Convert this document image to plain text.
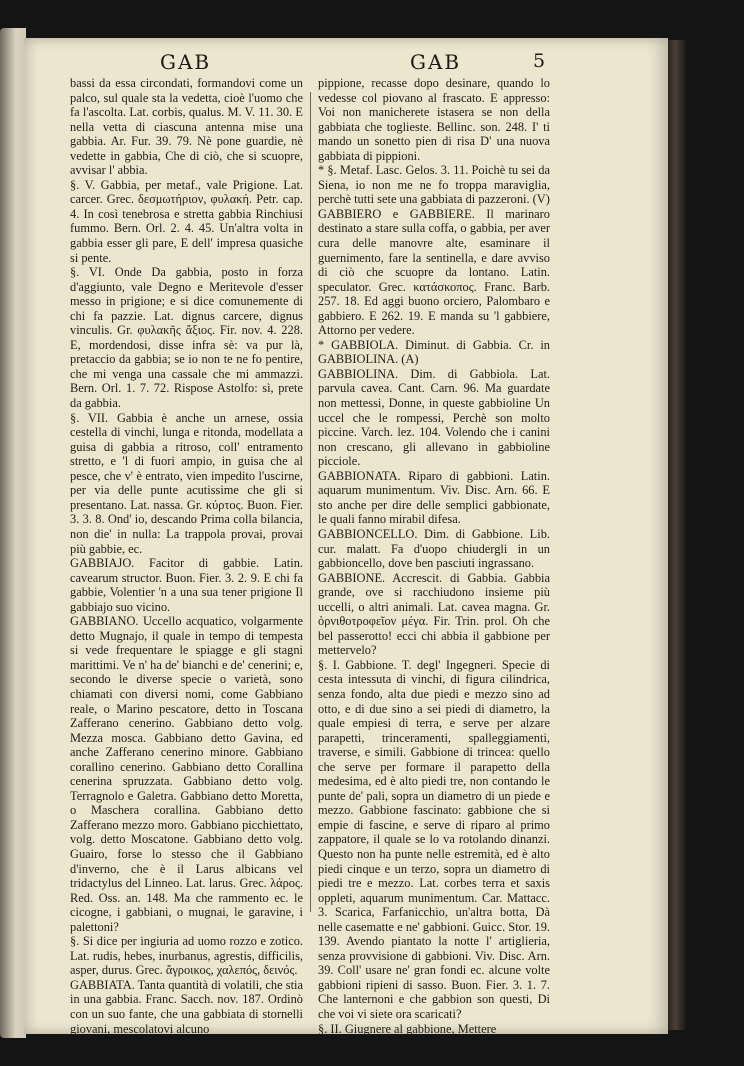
GAB	GAB	5

bassi da essa circondati, formandovi come un palco, sul quale sta la vedetta, cioè l'uomo che fa l'ascolta. Lat. corbis, qualus. M. V. 11. 30. E nella vetta di ciascuna antenna mise una gabbia. Ar. Fur. 39. 79. Nè pone guardie, nè vedette in gabbia, Che di ciò, che si scuopre, avvisar l' abbia.

§. V. Gabbia, per metaf., vale Prigione. Lat. carcer. Grec. δεσμωτήριον, φυλακή. Petr. cap. 4. In così tenebrosa e stretta gabbia Rinchiusi fummo. Bern. Orl. 2. 4. 45. Un'altra volta in gabbia esser gli pare, E dell' impresa quasiche si pente.

§. VI. Onde Da gabbia, posto in forza d'aggiunto, vale Degno e Meritevole d'esser messo in prigione; e si dice comunemente di chi fa pazzie. Lat. dignus carcere, dignus vinculis. Gr. φυλακῆς ἄξιος. Fir. nov. 4. 228. E, mordendosi, disse infra sè: va pur là, pretaccio da gabbia; se io non te ne fo pentire, che mi venga una cassale che mi ammazzi. Bern. Orl. 1. 7. 72. Rispose Astolfo: sì, prete da gabbia.

§. VII. Gabbia è anche un arnese, ossia cestella di vinchi, lunga e ritonda, modellata a guisa di gabbia a ritroso, coll' entramento stretto, e 'l di fuori ampio, in guisa che al pesce, che v' è entrato, vien impedito l'uscirne, per via delle punte acutissime che gli si presentano. Lat. nassa. Gr. κύρτος. Buon. Fier. 3. 3. 8. Ond' io, descando Prima colla bilancia, non die' in nulla: La trappola provai, provai più gabbie, ec.

GABBIAJO. Facitor di gabbie. Latin. cavearum structor. Buon. Fier. 3. 2. 9. E chi fa gabbie, Volentier 'n a una sua tener prigione Il gabbiajo suo vicino.

GABBIANO. Uccello acquatico, volgarmente detto Mugnajo, il quale in tempo di tempesta si vede frequentare le spiagge e gli stagni marittimi. Ve n' ha de' bianchi e de' cenerini; e, secondo le diverse specie o varietà, sono chiamati con diversi nomi, come Gabbiano reale, o Marino pescatore, detto in Toscana Zafferano cenerino. Gabbiano detto volg. Mezza mosca. Gabbiano detto Gavina, ed anche Zafferano cenerino minore. Gabbiano corallino cenerino. Gabbiano detto Corallina cenerina spruzzata. Gabbiano detto volg. Terragnolo e Galetra. Gabbiano detto Moretta, o Maschera corallina. Gabbiano detto Zafferano mezzo moro. Gabbiano picchiettato, volg. detto Moscatone. Gabbiano detto volg. Guairo, forse lo stesso che il Gabbiano d'inverno, che è il Larus albicans vel tridactylus del Linneo. Lat. larus. Grec. λάρος. Red. Oss. an. 148. Ma che rammento ec. le cicogne, i gabbiani, o mugnai, le garavine, i palettoni?

§. Si dice per ingiuria ad uomo rozzo e zotico. Lat. rudis, hebes, inurbanus, agrestis, difficilis, asper, durus. Grec. ἄγροικος, χαλεπός, δεινός.

GABBIATA. Tanta quantità di volatili, che stia in una gabbia. Franc. Sacch. nov. 187. Ordinò con un suo fante, che una gabbiata di stornelli giovani, mescolatovi alcuno

pippione, recasse dopo desinare, quando lo vedesse col piovano al frascato. E appresso: Voi non manicherete istasera se non della gabbiata che toglieste. Bellinc. son. 248. I' ti mando un sonetto pien di risa D' una nuova gabbiata di pippioni.

* §. Metaf. Lasc. Gelos. 3. 11. Poichè tu sei da Siena, io non me ne fo troppa maraviglia, perchè tutti sete una gabbiata di pazzeroni. (V)

GABBIERO e GABBIERE. Il marinaro destinato a stare sulla coffa, o gabbia, per aver cura delle manovre alte, esaminare il guernimento, fare la sentinella, e dare avviso di ciò che scuopre da lontano. Latin. speculator. Grec. κατάσκοπος. Franc. Barb. 257. 18. Ed aggi buono orciero, Palombaro e gabbiero. E 262. 19. E manda su 'l gabbiere, Attorno per vedere.

* GABBIOLA. Diminut. di Gabbia. Cr. in GABBIOLINA. (A)

GABBIOLINA. Dim. di Gabbiola. Lat. parvula cavea. Cant. Carn. 96. Ma guardate non mettessi, Donne, in queste gabbioline Un uccel che le rompessi, Perchè son molto piccine. Varch. lez. 104. Volendo che i canini non crescano, gli allevano in gabbioline picciole.

GABBIONATA. Riparo di gabbioni. Latin. aquarum munimentum. Viv. Disc. Arn. 66. E sto anche per dire delle semplici gabbionate, le quali fanno mirabil difesa.

GABBIONCELLO. Dim. di Gabbione. Lib. cur. malatt. Fa d'uopo chiudergli in un gabbioncello, dove ben pasciuti ingrassano.

GABBIONE. Accrescit. di Gabbia. Gabbia grande, ove si racchiudono insieme più uccelli, o altri animali. Lat. cavea magna. Gr. ὀρνιθοτροφεῖον μέγα. Fir. Trin. prol. Oh che bel passerotto! ecci chi abbia il gabbione per mettervelo?

§. I. Gabbione. T. degl' Ingegneri. Specie di cesta intessuta di vinchi, di figura cilindrica, senza fondo, alta due piedi e mezzo sino ad otto, e di due sino a sei piedi di diametro, la quale empiesi di terra, e serve per alzare parapetti, trinceramenti, spalleggiamenti, traverse, e simili. Gabbione di trincea: quello che serve per formare il parapetto della medesima, ed è alto piedi tre, non contando le punte de' pali, sopra un diametro di un piede e mezzo. Gabbione fascinato: gabbione che si empie di fascine, e serve di riparo al primo zappatore, il quale se lo va rotolando dinanzi. Questo non ha punte nelle estremità, ed è alto piedi cinque e un terzo, sopra un diametro di piedi tre e mezzo. Lat. corbes terra et saxis oppleti, aquarum munimentum. Car. Mattacc. 3. Scarica, Farfanicchio, un'altra botta, Dà nelle casematte e ne' gabbioni. Guicc. Stor. 19. 139. Avendo piantato la notte l' artiglieria, senza provvisione di gabbioni. Viv. Disc. Arn. 39. Coll' usare ne' gran fondi ec. alcune volte gabbioni ripieni di sasso. Buon. Fier. 3. 1. 7. Che lanternoni e che gabbion son questi, Di che voi vi siete ora scaricati?

§. II. Giugnere al gabbione, Mettere
